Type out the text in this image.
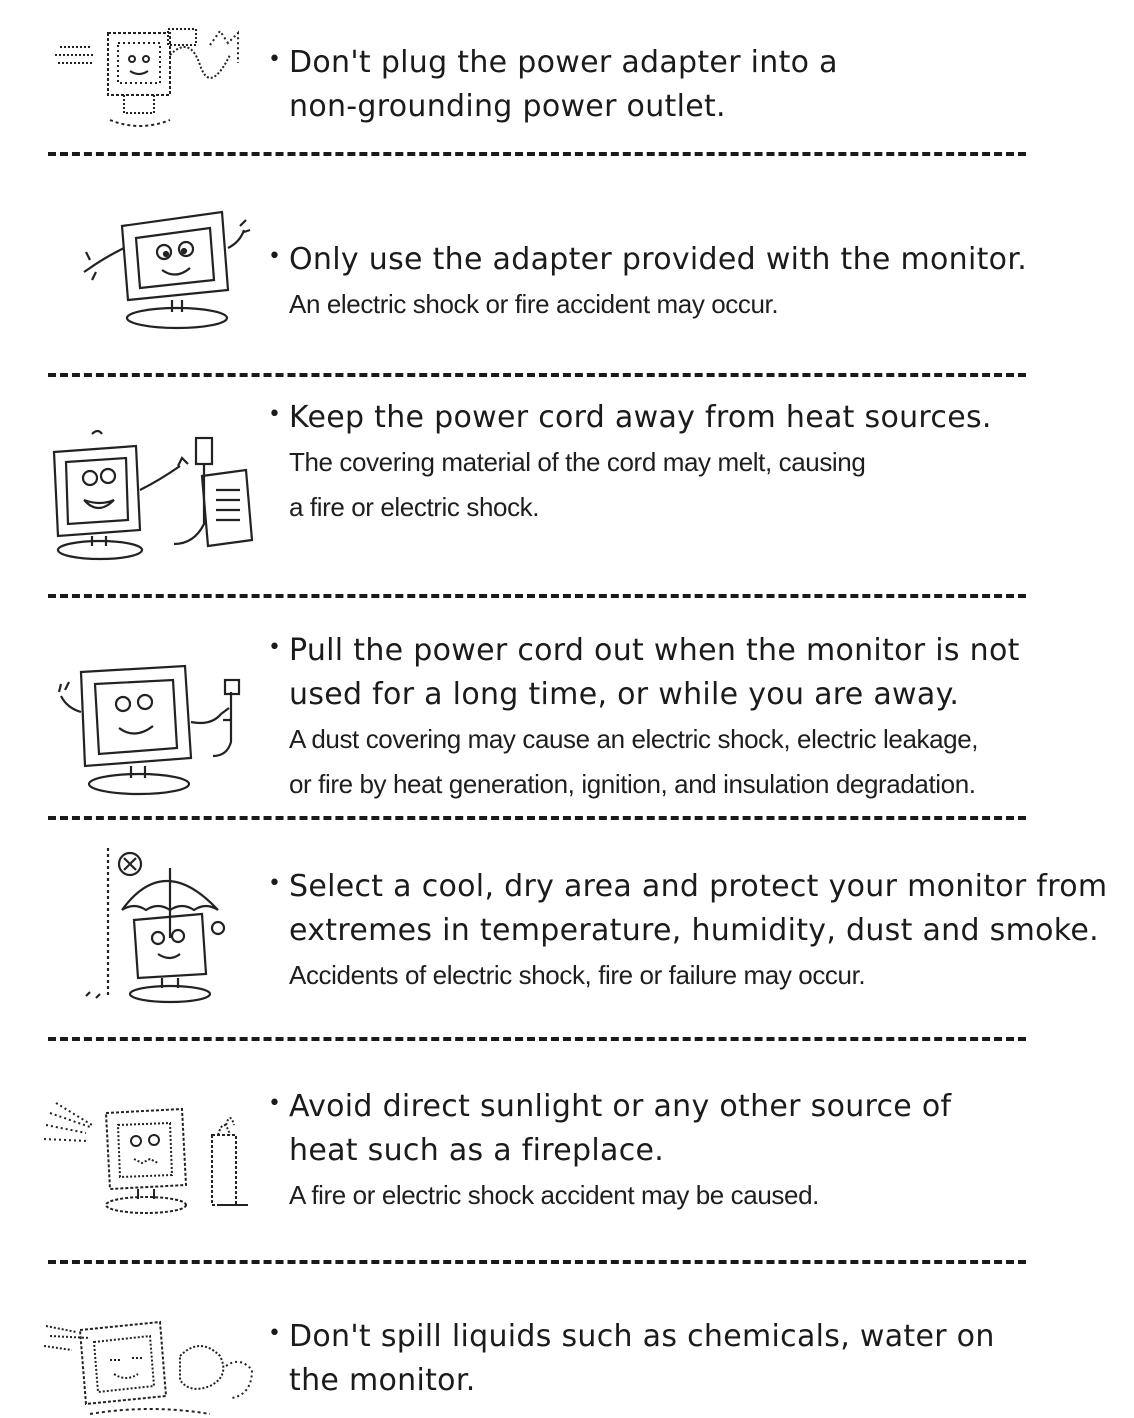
• Don't plug the power adapter into a
non-grounding power outlet.
• Only use the adapter provided with the monitor.
An electric shock or fire accident may occur.
• Keep the power cord away from heat sources.
The covering material of the cord may melt, causing
a fire or electric shock.
• Pull the power cord out when the monitor is not
used for a long time, or while you are away.
A dust covering may cause an electric shock, electric leakage,
or fire by heat generation, ignition, and insulation degradation.
• Select a cool, dry area and protect your monitor from
extremes in temperature, humidity, dust and smoke.
Accidents of electric shock, fire or failure may occur.
• Avoid direct sunlight or any other source of
heat such as a fireplace.
A fire or electric shock accident may be caused.
• Don't spill liquids such as chemicals, water on
the monitor.
